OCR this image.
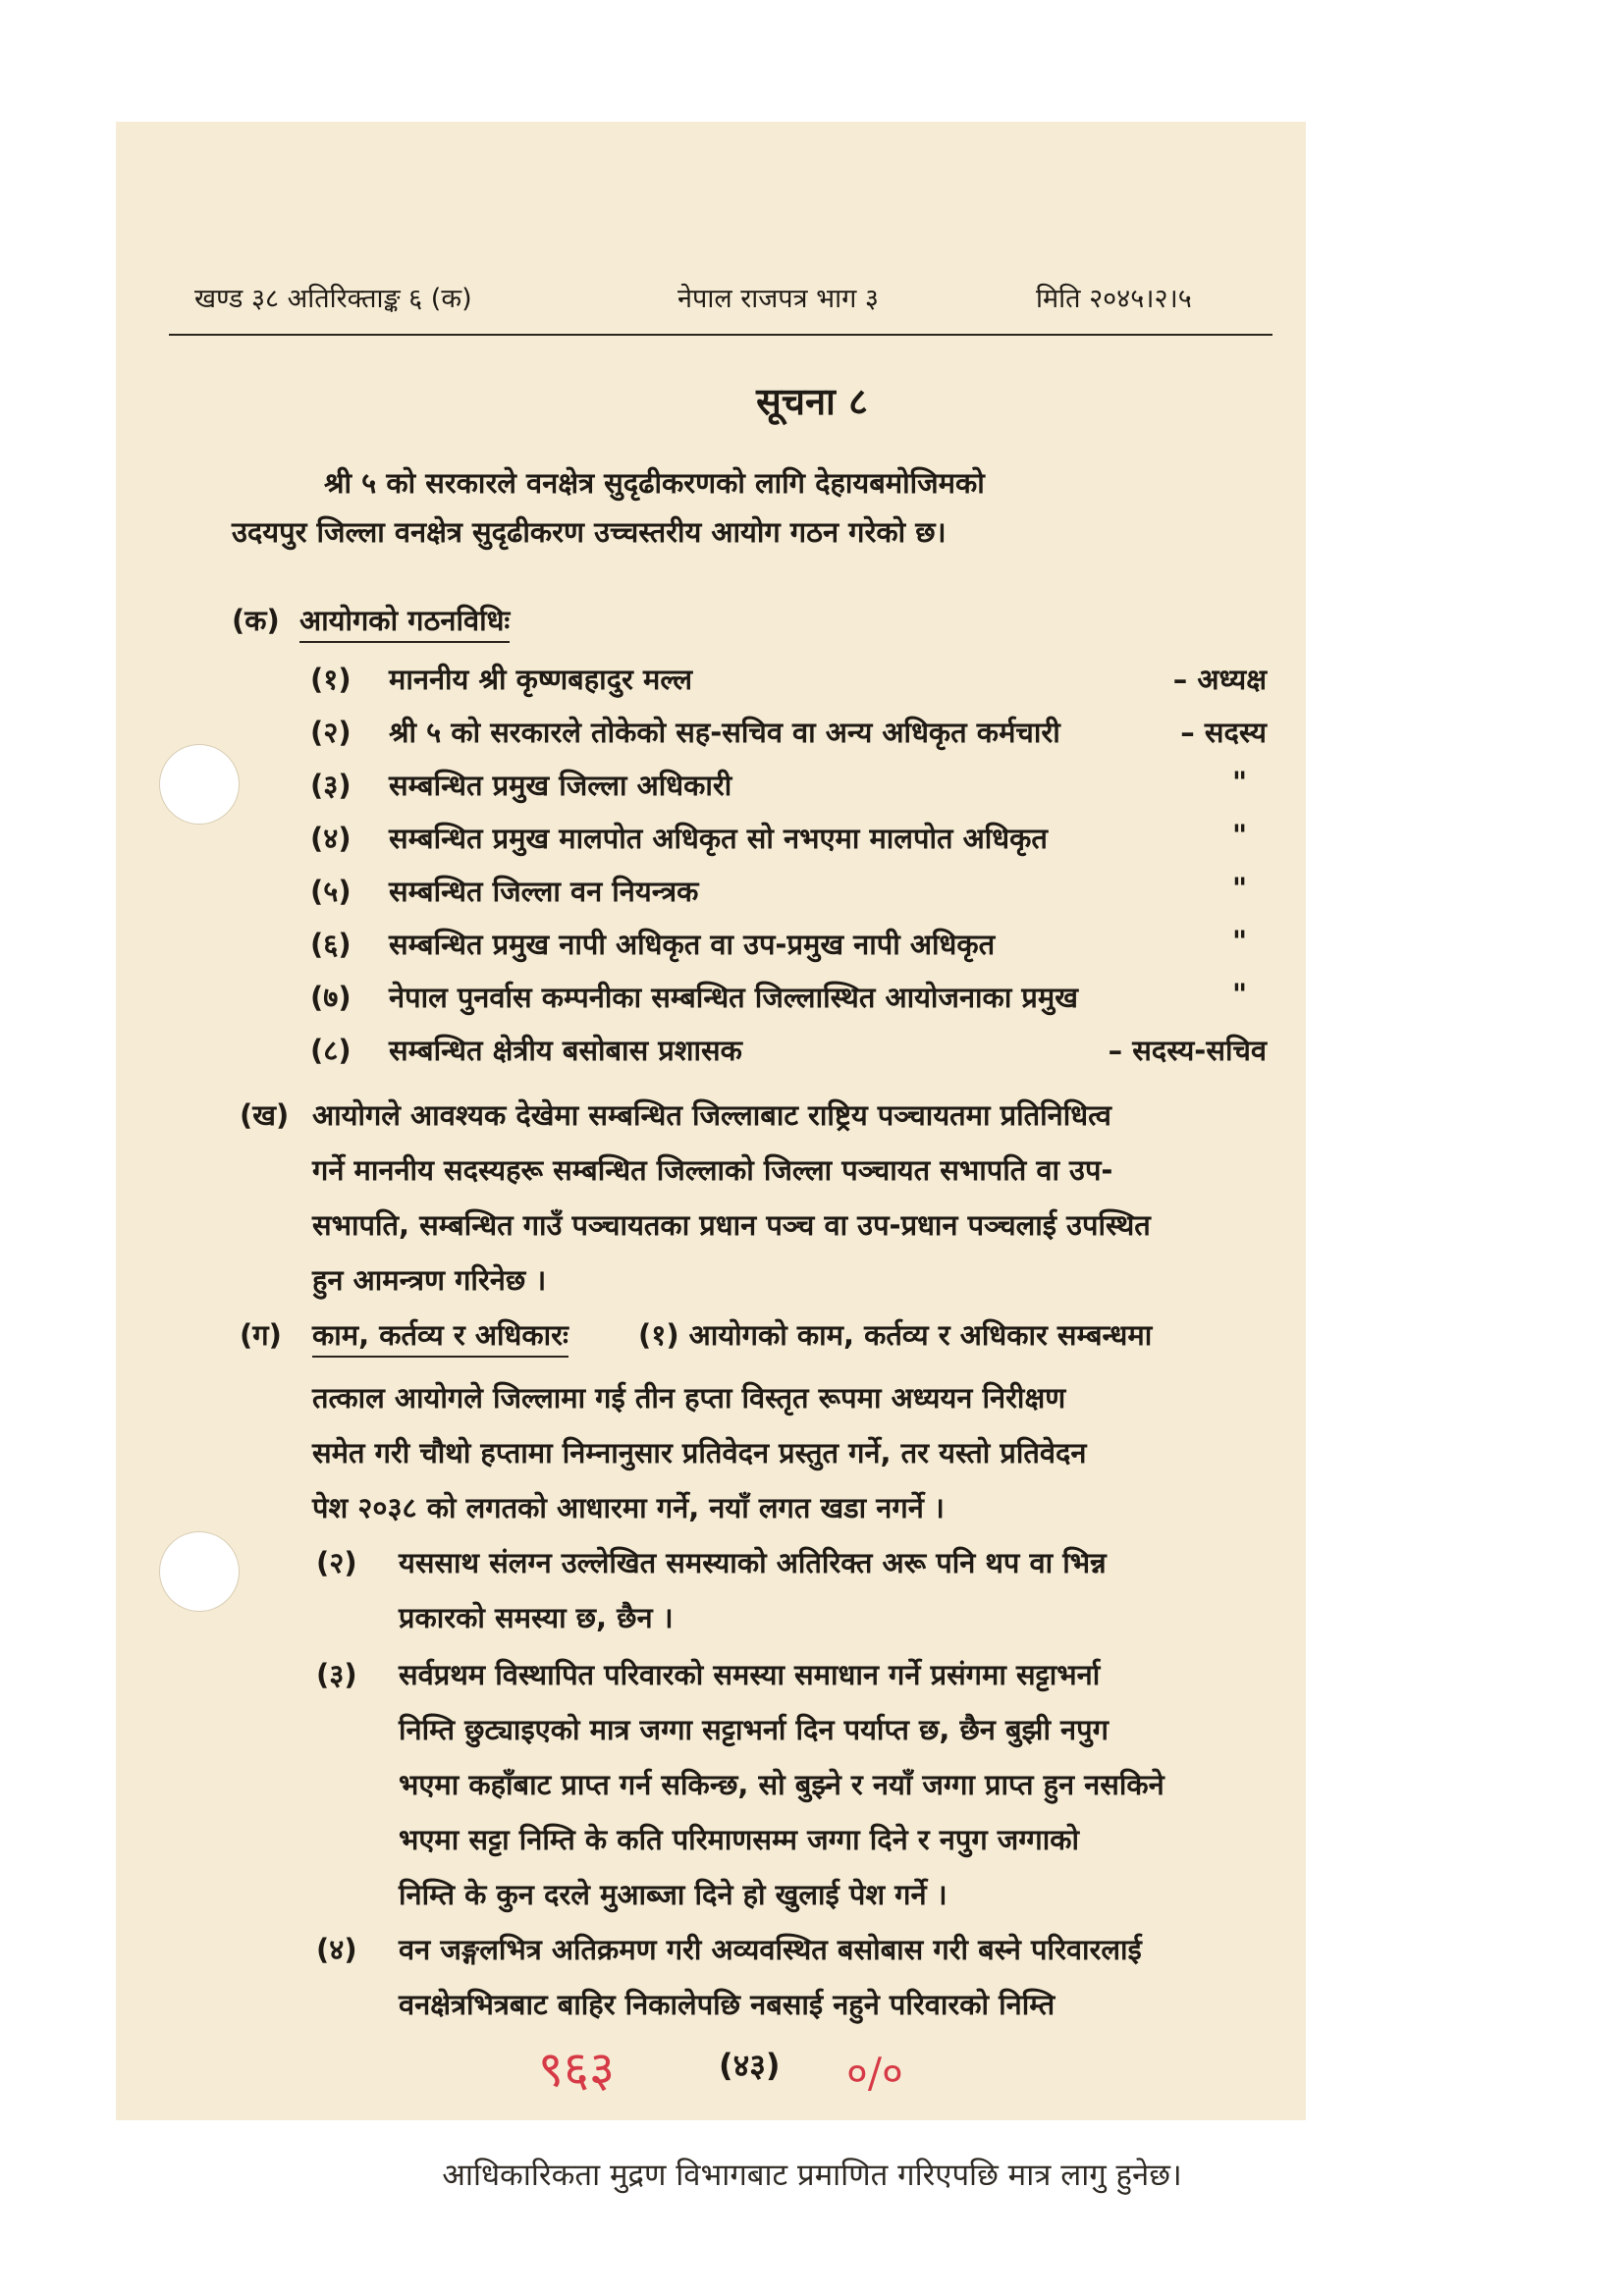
खण्ड ३८ अतिरिक्ताङ्क ६ (क)	नेपाल राजपत्र भाग ३	मिति २०४५।२।५
सूचना ८
श्री ५ को सरकारले वनक्षेत्र सुदृढीकरणको लागि देहायबमोजिमको
उदयपुर जिल्ला वनक्षेत्र सुदृढीकरण उच्चस्तरीय आयोग गठन गरेको छ।
(क) आयोगको गठनविधिः
(१) माननीय श्री कृष्णबहादुर मल्ल	– अध्यक्ष
(२) श्री ५ को सरकारले तोकेको सह-सचिव वा अन्य अधिकृत कर्मचारी	– सदस्य
(३) सम्बन्धित प्रमुख जिल्ला अधिकारी	"
(४) सम्बन्धित प्रमुख मालपोत अधिकृत सो नभएमा मालपोत अधिकृत	"
(५) सम्बन्धित जिल्ला वन नियन्त्रक	"
(६) सम्बन्धित प्रमुख नापी अधिकृत वा उप-प्रमुख नापी अधिकृत	"
(७) नेपाल पुनर्वास कम्पनीका सम्बन्धित जिल्लास्थित आयोजनाका प्रमुख	"
(८) सम्बन्धित क्षेत्रीय बसोबास प्रशासक	– सदस्य-सचिव
(ख) आयोगले आवश्यक देखेमा सम्बन्धित जिल्लाबाट राष्ट्रिय पञ्चायतमा प्रतिनिधित्व
गर्ने माननीय सदस्यहरू सम्बन्धित जिल्लाको जिल्ला पञ्चायत सभापति वा उप-
सभापति, सम्बन्धित गाउँ पञ्चायतका प्रधान पञ्च वा उप-प्रधान पञ्चलाई उपस्थित
हुन आमन्त्रण गरिनेछ ।
(ग) काम, कर्तव्य र अधिकारः (१) आयोगको काम, कर्तव्य र अधिकार सम्बन्धमा
तत्काल आयोगले जिल्लामा गई तीन हप्ता विस्तृत रूपमा अध्ययन निरीक्षण
समेत गरी चौथो हप्तामा निम्नानुसार प्रतिवेदन प्रस्तुत गर्ने, तर यस्तो प्रतिवेदन
पेश २०३८ को लगतको आधारमा गर्ने, नयाँ लगत खडा नगर्ने ।
(२) यससाथ संलग्न उल्लेखित समस्याको अतिरिक्त अरू पनि थप वा भिन्न
प्रकारको समस्या छ, छैन ।
(३) सर्वप्रथम विस्थापित परिवारको समस्या समाधान गर्ने प्रसंगमा सट्टाभर्ना
निम्ति छुट्याइएको मात्र जग्गा सट्टाभर्ना दिन पर्याप्त छ, छैन बुझी नपुग
भएमा कहाँबाट प्राप्त गर्न सकिन्छ, सो बुझ्ने र नयाँ जग्गा प्राप्त हुन नसकिने
भएमा सट्टा निम्ति के कति परिमाणसम्म जग्गा दिने र नपुग जग्गाको
निम्ति के कुन दरले मुआब्जा दिने हो खुलाई पेश गर्ने ।
(४) वन जङ्गलभित्र अतिक्रमण गरी अव्यवस्थित बसोबास गरी बस्ने परिवारलाई
वनक्षेत्रभित्रबाट बाहिर निकालेपछि नबसाई नहुने परिवारको निम्ति
९६३	(४३) ०/०
आधिकारिकता मुद्रण विभागबाट प्रमाणित गरिएपछि मात्र लागु हुनेछ।
